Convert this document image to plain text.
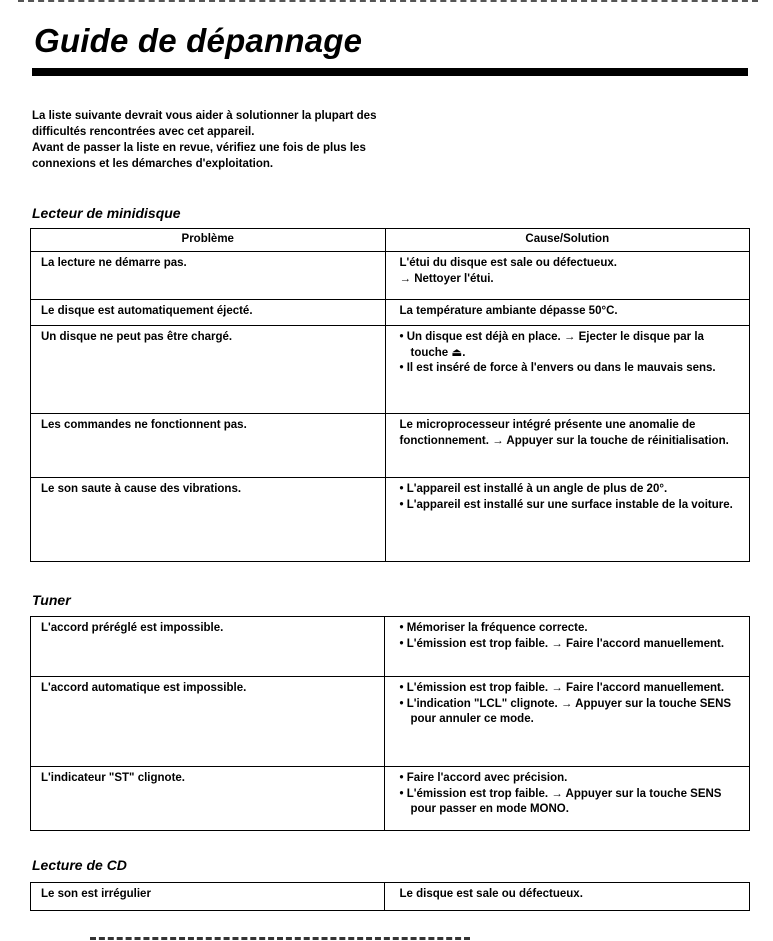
Guide de dépannage

La liste suivante devrait vous aider à solutionner la plupart des
difficultés rencontrées avec cet appareil.
Avant de passer la liste en revue, vérifiez une fois de plus les
connexions et les démarches d'exploitation.

Lecteur de minidisque
Problème	Cause/Solution
La lecture ne démarre pas.	L'étui du disque est sale ou défectueux.
→ Nettoyer l'étui.

Le disque est automatiquement éjecté.	La température ambiante dépasse 50°C.

Un disque ne peut pas être chargé.	• Un disque est déjà en place. → Ejecter le disque par la touche ⏏.
• Il est inséré de force à l'envers ou dans le mauvais sens.

Les commandes ne fonctionnent pas.	Le microprocesseur intégré présente une anomalie de fonctionnement. → Appuyer sur la touche de réinitialisation.

Le son saute à cause des vibrations.	• L'appareil est installé à un angle de plus de 20°.
• L'appareil est installé sur une surface instable de la voiture.
Tuner
L'accord préréglé est impossible.	• Mémoriser la fréquence correcte.
• L'émission est trop faible. → Faire l'accord manuellement.

L'accord automatique est impossible.	• L'émission est trop faible. → Faire l'accord manuellement.
• L'indication "LCL" clignote. → Appuyer sur la touche SENS pour annuler ce mode.

L'indicateur "ST" clignote.	• Faire l'accord avec précision.
• L'émission est trop faible. → Appuyer sur la touche SENS pour passer en mode MONO.
Lecture de CD
Le son est irrégulier	Le disque est sale ou défectueux.
